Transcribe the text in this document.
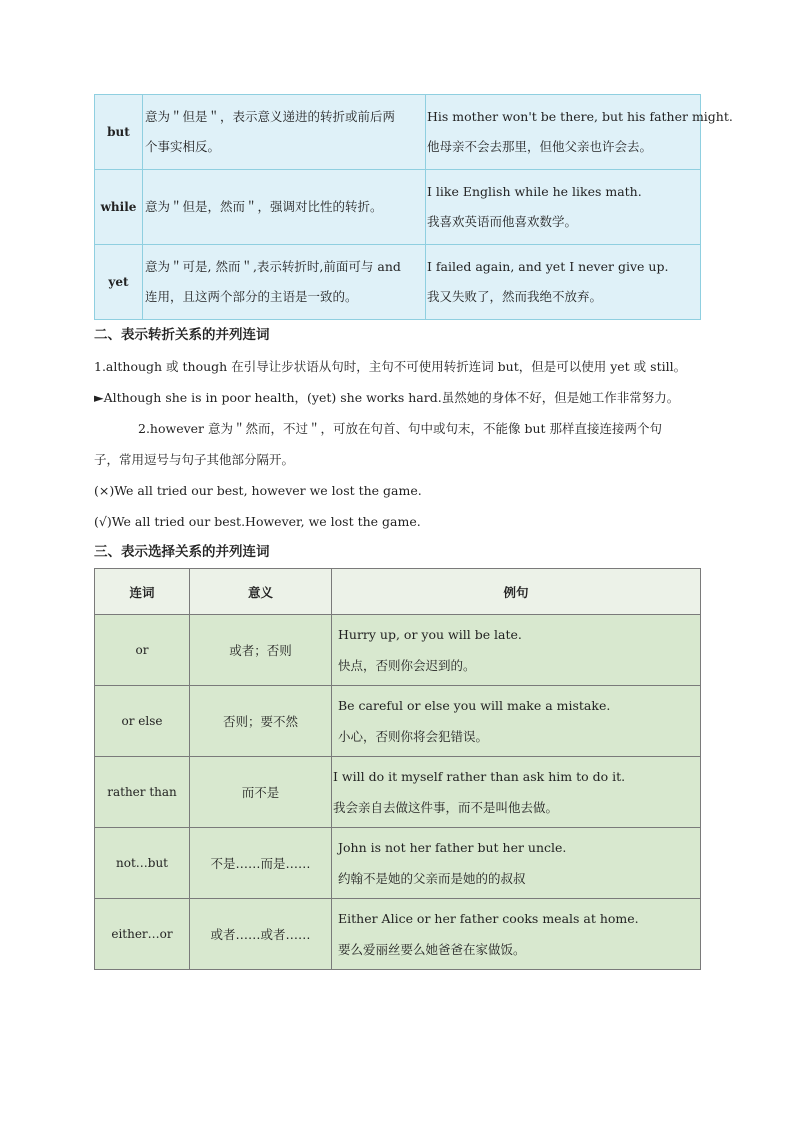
but	意为＂但是＂，表示意义递进的转折或前后两
个事实相反。	His mother won't be there, but his father might.
他母亲不会去那里，但他父亲也许会去。

while	意为＂但是，然而＂，强调对比性的转折。	I like English while he likes math.
我喜欢英语而他喜欢数学。

yet	意为＂可是, 然而＂,表示转折时,前面可与 and
连用，且这两个部分的主语是一致的。	I failed again, and yet I never give up.
我又失败了，然而我绝不放弃。
二、表示转折关系的并列连词

1.although 或 though 在引导让步状语从句时，主句不可使用转折连词 but，但是可以使用 yet 或 still。

►Although she is in poor health，(yet) she works hard.虽然她的身体不好，但是她工作非常努力。

2.however 意为＂然而，不过＂，可放在句首、句中或句末，不能像 but 那样直接连接两个句

子，常用逗号与句子其他部分隔开。

(×)We all tried our best, however we lost the game.

(√)We all tried our best.However, we lost the game.

三、表示选择关系的并列连词
连词	意义	例句
or	或者；否则	Hurry up, or you will be late.
快点，否则你会迟到的。

or else	否则；要不然	Be careful or else you will make a mistake.
小心，否则你将会犯错误。

rather than	而不是	I will do it myself rather than ask him to do it.
我会亲自去做这件事，而不是叫他去做。

not…but	不是……而是……	John is not her father but her uncle.
约翰不是她的父亲而是她的的叔叔

either…or	或者……或者……	Either Alice or her father cooks meals at home.
要么爱丽丝要么她爸爸在家做饭。
